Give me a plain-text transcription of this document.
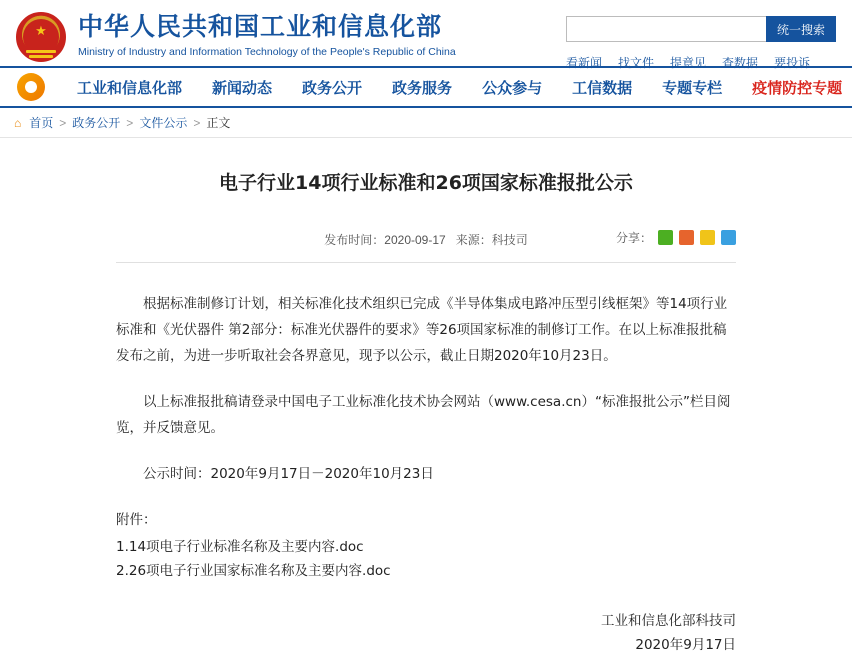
★ 中华人民共和国工业和信息化部
Ministry of Industry and Information Technology of the People's Republic of China
统一搜索
看新闻 找文件 提意见 查数据 要投诉
工业和信息化部	新闻动态	政务公开	政务服务	公众参与	工信数据	专题专栏	疫情防控专题
⌂ 首页 > 政务公开 > 文件公示 > 正文
电子行业14项行业标准和26项国家标准报批公示
发布时间：2020-09-17 来源：科技司	分享：

根据标准制修订计划，相关标准化技术组织已完成《半导体集成电路冲压型引线框架》等14项行业标准和《光伏器件 第2部分：标准光伏器件的要求》等26项国家标准的制修订工作。在以上标准报批稿发布之前，为进一步听取社会各界意见，现予以公示，截止日期2020年10月23日。

以上标准报批稿请登录中国电子工业标准化技术协会网站（www.cesa.cn）“标准报批公示”栏目阅览，并反馈意见。

公示时间：2020年9月17日－2020年10月23日

附件：

1.14项电子行业标准名称及主要内容.doc
2.26项电子行业国家标准名称及主要内容.doc
工业和信息化部科技司
2020年9月17日
